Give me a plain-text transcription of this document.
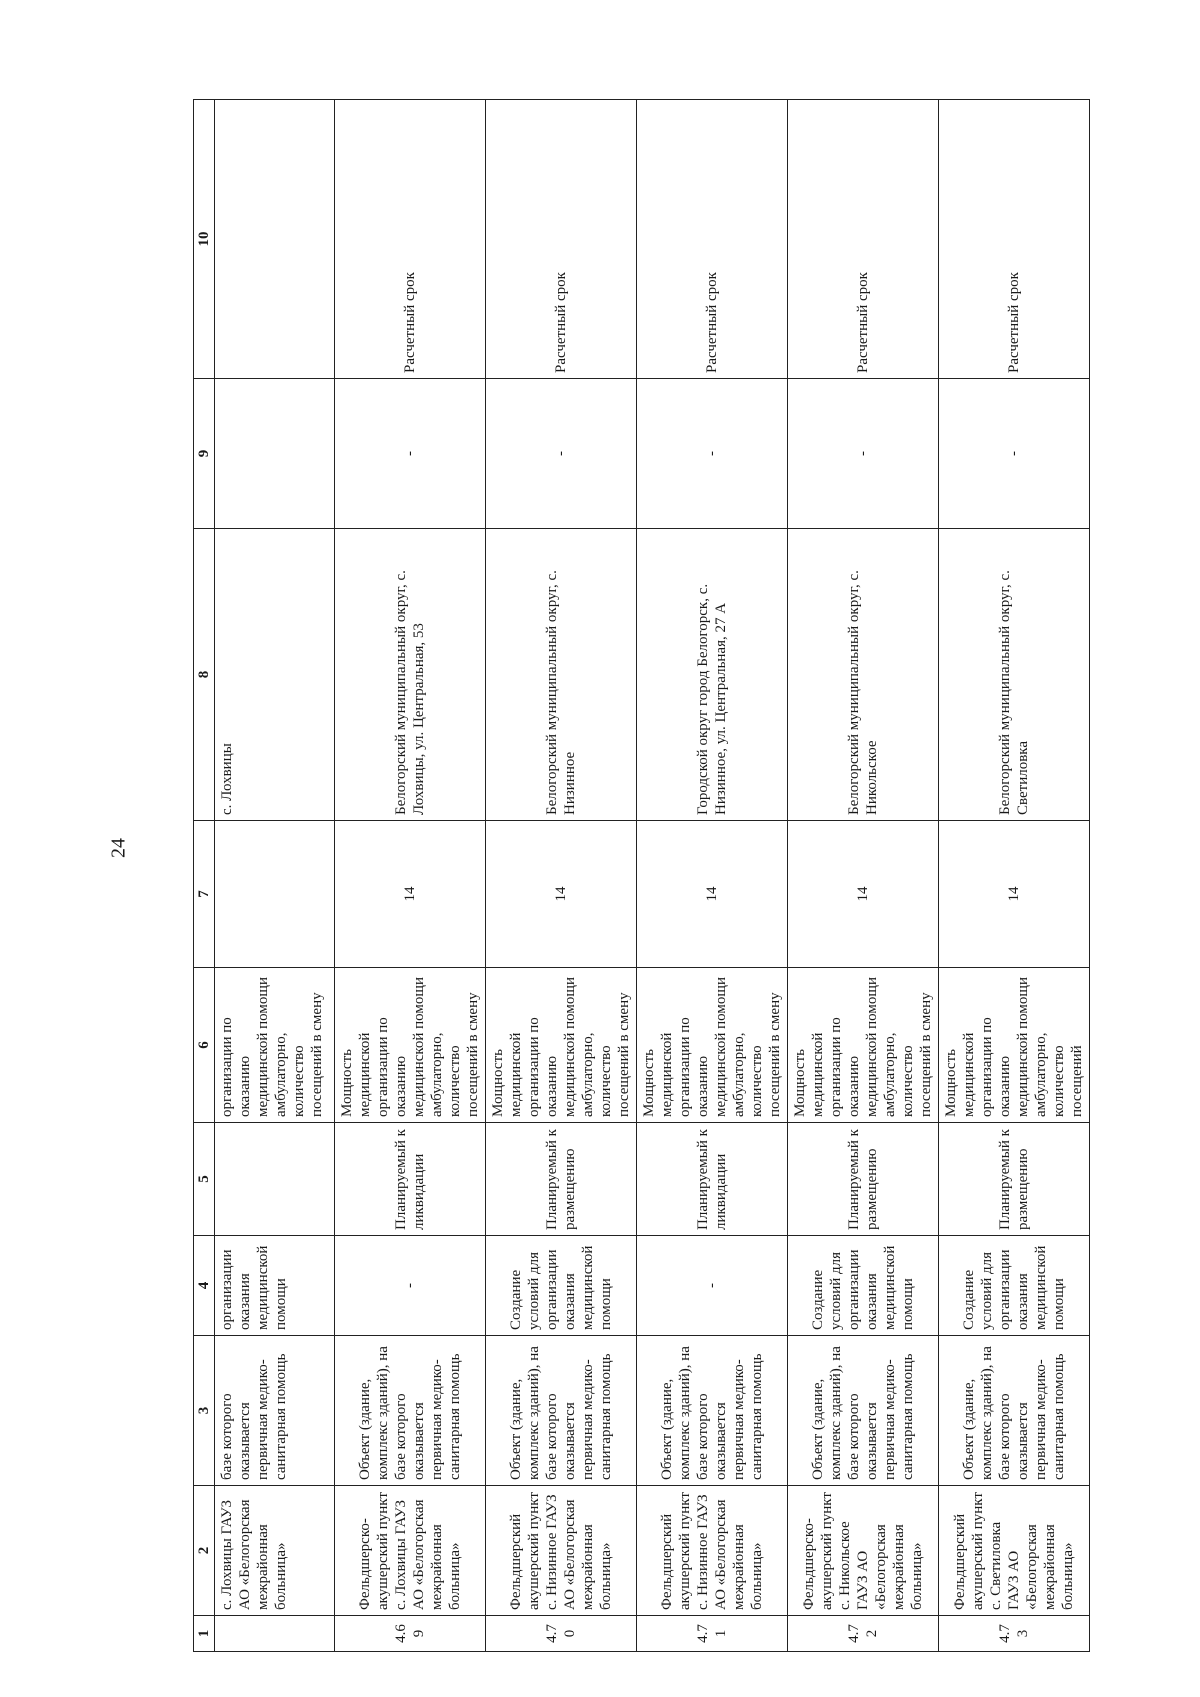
24
1	2	3	4	5	6	7	8	9	10
	с. Лохвицы ГАУЗ АО «Белогорская межрайонная больница»	базе которого оказывается первичная медико-санитарная помощь	организации оказания медицинской помощи		организации по оказанию медицинской помощи амбулаторно, количество посещений в смену		с. Лохвицы		
4.69	Фельдшерско-акушерский пункт с. Лохвицы ГАУЗ АО «Белогорская межрайонная больница»	Объект (здание, комплекс зданий), на базе которого оказывается первичная медико-санитарная помощь	-	Планируемый к ликвидации	Мощность медицинской организации по оказанию медицинской помощи амбулаторно, количество посещений в смену	14	Белогорский муниципальный округ, с. Лохвицы, ул. Центральная, 53	-	Расчетный срок
4.70	Фельдшерский акушерский пункт с. Низинное ГАУЗ АО «Белогорская межрайонная больница»	Объект (здание, комплекс зданий), на базе которого оказывается первичная медико-санитарная помощь	Создание условий для организации оказания медицинской помощи	Планируемый к размещению	Мощность медицинской организации по оказанию медицинской помощи амбулаторно, количество посещений в смену	14	Белогорский муниципальный округ, с. Низинное	-	Расчетный срок
4.71	Фельдшерский акушерский пункт с. Низинное ГАУЗ АО «Белогорская межрайонная больница»	Объект (здание, комплекс зданий), на базе которого оказывается первичная медико-санитарная помощь	-	Планируемый к ликвидации	Мощность медицинской организации по оказанию медицинской помощи амбулаторно, количество посещений в смену	14	Городской округ город Белогорск, с. Низинное, ул. Центральная, 27 А	-	Расчетный срок
4.72	Фельдшерско-акушерский пункт с. Никольское ГАУЗ АО «Белогорская межрайонная больница»	Объект (здание, комплекс зданий), на базе которого оказывается первичная медико-санитарная помощь	Создание условий для организации оказания медицинской помощи	Планируемый к размещению	Мощность медицинской организации по оказанию медицинской помощи амбулаторно, количество посещений в смену	14	Белогорский муниципальный округ, с. Никольское	-	Расчетный срок
4.73	Фельдшерский акушерский пункт с. Светиловка ГАУЗ АО «Белогорская межрайонная больница»	Объект (здание, комплекс зданий), на базе которого оказывается первичная медико-санитарная помощь	Создание условий для организации оказания медицинской помощи	Планируемый к размещению	Мощность медицинской организации по оказанию медицинской помощи амбулаторно, количество посещений	14	Белогорский муниципальный округ, с. Светиловка	-	Расчетный срок
